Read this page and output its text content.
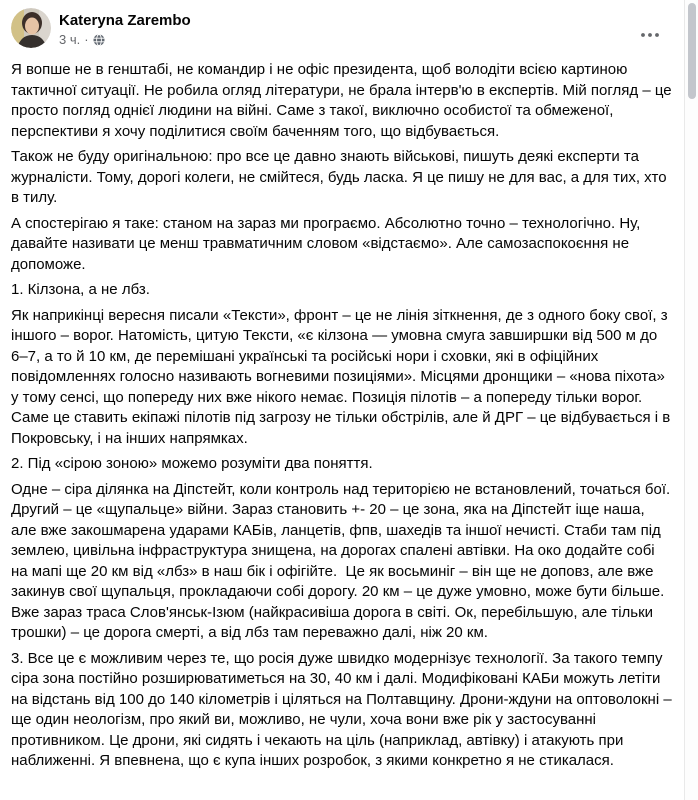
Kateryna Zarembo
3 ч. ·

Я вопше не в генштабі, не командир і не офіс президента, щоб володіти всією картиною тактичної ситуації. Не робила огляд літератури, не брала інтерв'ю в експертів. Мій погляд – це просто погляд однієї людини на війні. Саме з такої, виключно особистої та обмеженої, перспективи я хочу поділитися своїм баченням того, що відбувається.

Також не буду оригінальною: про все це давно знають військові, пишуть деякі експерти та журналісти. Тому, дорогі колеги, не смійтеся, будь ласка. Я це пишу не для вас, а для тих, хто в тилу.

А спостерігаю я таке: станом на зараз ми програємо. Абсолютно точно – технологічно. Ну, давайте називати це менш травматичним словом «відстаємо». Але самозаспокоєння не допоможе.

1. Кілзона, а не лбз.

Як наприкінці вересня писали «Тексти», фронт – це не лінія зіткнення, де з одного боку свої, з іншого – ворог. Натомість, цитую Тексти, «є кілзона — умовна смуга завширшки від 500 м до 6–7, а то й 10 км, де перемішані українські та російські нори і сховки, які в офіційних повідомленнях голосно називають вогневими позиціями». Місцями дронщики – «нова піхота» у тому сенсі, що попереду них вже нікого немає. Позиція пілотів – а попереду тільки ворог. Саме це ставить екіпажі пілотів під загрозу не тільки обстрілів, але й ДРГ – це відбувається і в Покровську, і на інших напрямках.

2. Під «сірою зоною» можемо розуміти два поняття.

Одне – сіра ділянка на Діпстейт, коли контроль над територією не встановлений, точаться бої. Другий – це «щупальце» війни. Зараз становить +- 20 – це зона, яка на Діпстейт іще наша, але вже закошмарена ударами КАБів, ланцетів, фпв, шахедів та іншої нечисті. Стаби там під землею, цивільна інфраструктура знищена, на дорогах спалені автівки. На око додайте собі на мапі ще 20 км від «лбз» в наш бік і офігійте.  Це як восьминіг – він ще не доповз, але вже закинув свої щупальця, прокладаючи собі дорогу. 20 км – це дуже умовно, може бути більше. Вже зараз траса Слов'янськ-Ізюм (найкрасивіша дорога в світі. Ок, перебільшую, але тільки трошки) – це дорога смерті, а від лбз там переважно далі, ніж 20 км.

3. Все це є можливим через те, що росія дуже швидко модернізує технології. За такого темпу сіра зона постійно розширюватиметься на 30, 40 км і далі. Модифіковані КАБи можуть летіти на відстань від 100 до 140 кілометрів і ціляться на Полтавщину. Дрони-ждуни на оптоволокні – ще один неологізм, про який ви, можливо, не чули, хоча вони вже рік у застосуванні противником. Це дрони, які сидять і чекають на ціль (наприклад, автівку) і атакують при наближенні. Я впевнена, що є купа інших розробок, з якими конкретно я не стикалася.
